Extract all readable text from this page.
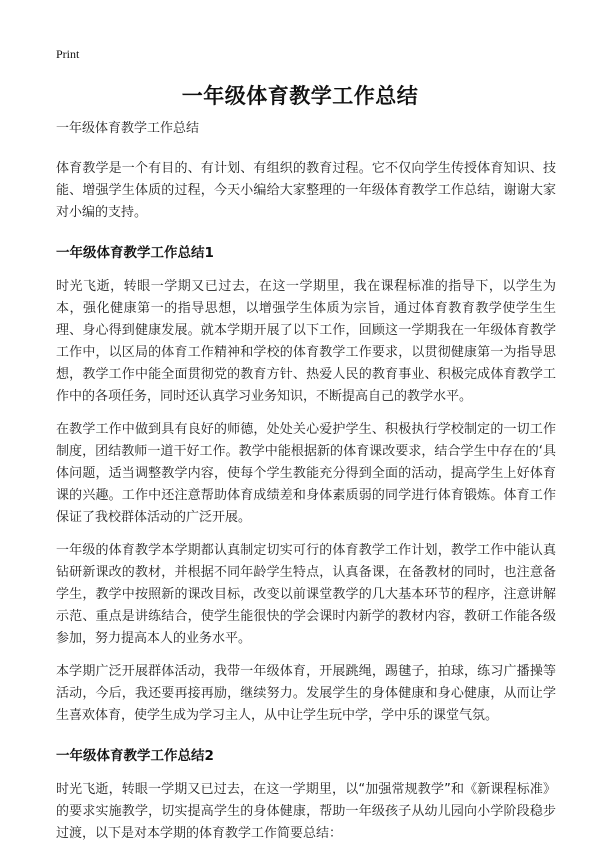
Print
一年级体育教学工作总结
一年级体育教学工作总结

体育教学是一个有目的、有计划、有组织的教育过程。它不仅向学生传授体育知识、技能、增强学生体质的过程，今天小编给大家整理的一年级体育教学工作总结，谢谢大家对小编的支持。

一年级体育教学工作总结1

时光飞逝，转眼一学期又已过去，在这一学期里，我在课程标准的指导下，以学生为本，强化健康第一的指导思想，以增强学生体质为宗旨，通过体育教育教学使学生生理、身心得到健康发展。就本学期开展了以下工作，回顾这一学期我在一年级体育教学工作中，以区局的体育工作精神和学校的体育教学工作要求，以贯彻健康第一为指导思想，教学工作中能全面贯彻党的教育方针、热爱人民的教育事业、积极完成体育教学工作中的各项任务，同时还认真学习业务知识，不断提高自己的教学水平。

在教学工作中做到具有良好的师德，处处关心爱护学生、积极执行学校制定的一切工作制度，团结教师一道干好工作。教学中能根据新的体育课改要求，结合学生中存在的‘具体问题，适当调整教学内容，使每个学生教能充分得到全面的活动，提高学生上好体育课的兴趣。工作中还注意帮助体育成绩差和身体素质弱的同学进行体育锻炼。体育工作保证了我校群体活动的广泛开展。

一年级的体育教学本学期都认真制定切实可行的体育教学工作计划，教学工作中能认真钻研新课改的教材，并根据不同年龄学生特点，认真备课，在备教材的同时，也注意备学生，教学中按照新的课改目标，改变以前课堂教学的几大基本环节的程序，注意讲解示范、重点是讲练结合，使学生能很快的学会课时内新学的教材内容，教研工作能各级参加，努力提高本人的业务水平。

本学期广泛开展群体活动，我带一年级体育，开展跳绳，踢毽子，拍球，练习广播操等活动，今后，我还要再接再励，继续努力。发展学生的身体健康和身心健康，从而让学生喜欢体育，使学生成为学习主人，从中让学生玩中学，学中乐的课堂气氛。

一年级体育教学工作总结2

时光飞逝，转眼一学期又已过去，在这一学期里，以“加强常规教学”和《新课程标准》的要求实施教学，切实提高学生的身体健康，帮助一年级孩子从幼儿园向小学阶段稳步过渡，以下是对本学期的体育教学工作简要总结：
